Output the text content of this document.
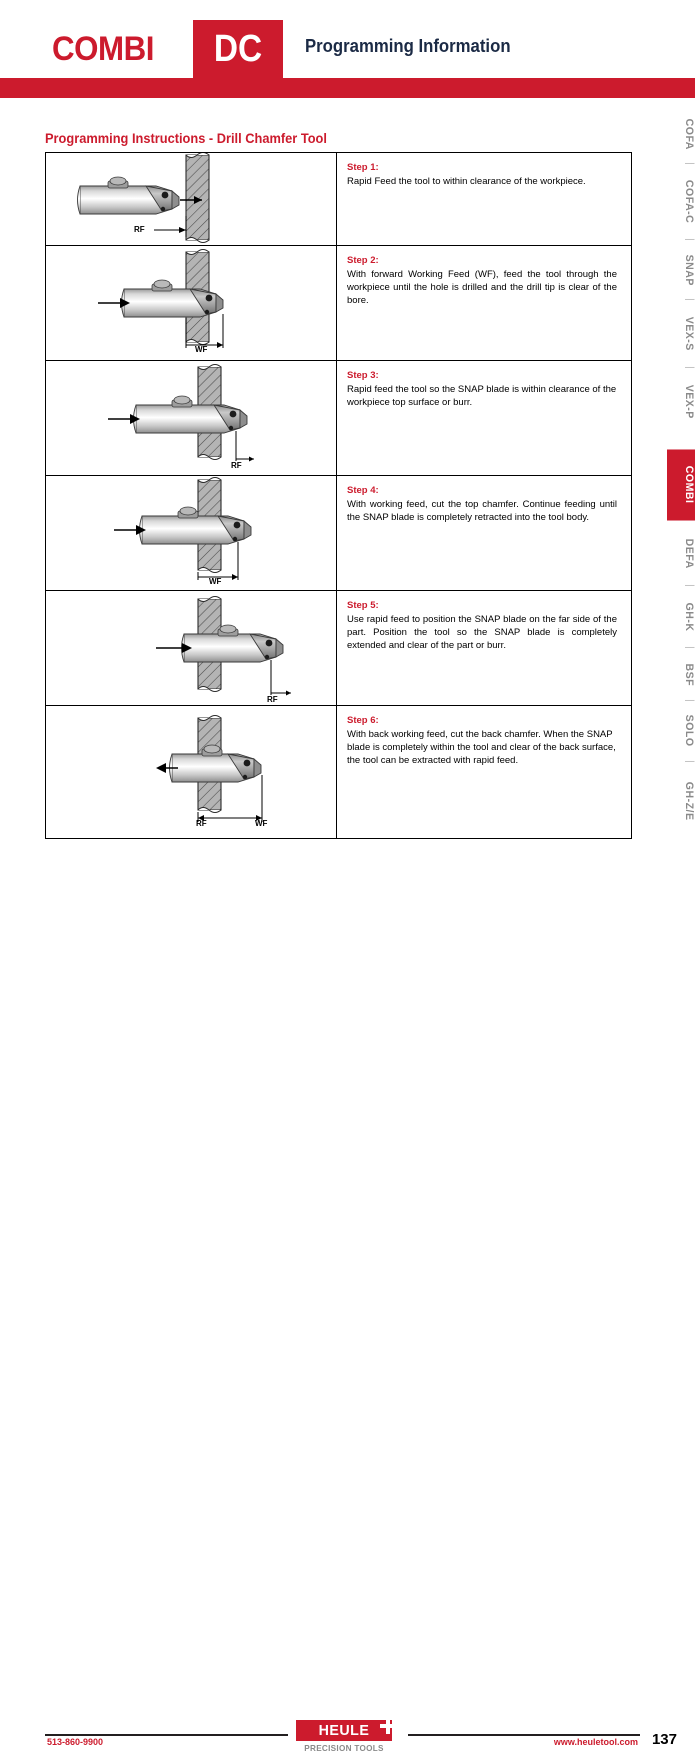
COMBI	DC	Programming Information
Programming Instructions - Drill Chamfer Tool
RF
Step 1:
Rapid Feed the tool to within clearance of the workpiece.
WF
Step 2:
With forward Working Feed (WF), feed the tool through the workpiece until the hole is drilled and the drill tip is clear of the bore.
RF
Step 3:
Rapid feed the tool so the SNAP blade is within clearance of the workpiece top surface or burr.
WF
Step 4:
With working feed, cut the top chamfer. Continue feeding until the SNAP blade is completely retracted into the tool body.
RF
Step 5:
Use rapid feed to position the SNAP blade on the far side of the part. Position the tool so the SNAP blade is completely extended and clear of the part or burr.
RF	WF
Step 6:
With back working feed, cut the back chamfer. When the SNAP blade is completely within the tool and clear of the back surface, the tool can be extracted with rapid feed.
COFA
|
COFA-C
|
SNAP
|
VEX-S
|
VEX-P
COMBI
DEFA
|
GH-K
|
BSF
|
SOLO
|
GH-Z/E
513-860-9900
HEULE
PRECISION TOOLS
www.heuletool.com 137
